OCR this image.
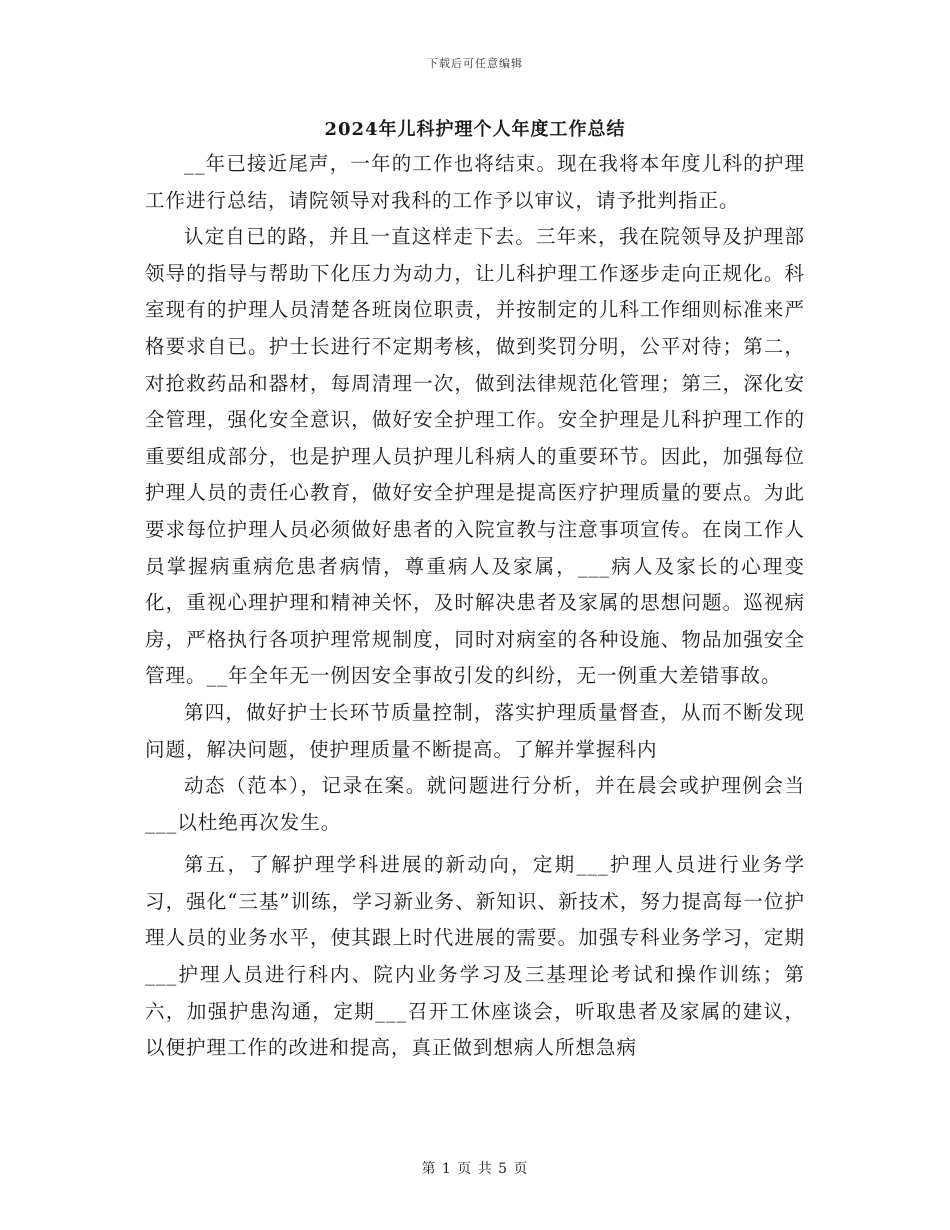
下载后可任意编辑
2024年儿科护理个人年度工作总结

__年已接近尾声，一年的工作也将结束。现在我将本年度儿科的护理工作进行总结，请院领导对我科的工作予以审议，请予批判指正。

认定自已的路，并且一直这样走下去。三年来，我在院领导及护理部领导的指导与帮助下化压力为动力，让儿科护理工作逐步走向正规化。科室现有的护理人员清楚各班岗位职责，并按制定的儿科工作细则标准来严格要求自已。护士长进行不定期考核，做到奖罚分明，公平对待；第二，对抢救药品和器材，每周清理一次，做到法律规范化管理；第三，深化安全管理，强化安全意识，做好安全护理工作。安全护理是儿科护理工作的重要组成部分，也是护理人员护理儿科病人的重要环节。因此，加强每位护理人员的责任心教育，做好安全护理是提高医疗护理质量的要点。为此要求每位护理人员必须做好患者的入院宣教与注意事项宣传。在岗工作人员掌握病重病危患者病情，尊重病人及家属，___病人及家长的心理变化，重视心理护理和精神关怀，及时解决患者及家属的思想问题。巡视病房，严格执行各项护理常规制度，同时对病室的各种设施、物品加强安全管理。__年全年无一例因安全事故引发的纠纷，无一例重大差错事故。

第四，做好护士长环节质量控制，落实护理质量督查，从而不断发现问题，解决问题，使护理质量不断提高。了解并掌握科内

动态（范本），记录在案。就问题进行分析，并在晨会或护理例会当___以杜绝再次发生。

第五，了解护理学科进展的新动向，定期___护理人员进行业务学习，强化“三基”训练，学习新业务、新知识、新技术，努力提高每一位护理人员的业务水平，使其跟上时代进展的需要。加强专科业务学习，定期___护理人员进行科内、院内业务学习及三基理论考试和操作训练；第六，加强护患沟通，定期___召开工休座谈会，听取患者及家属的建议，以便护理工作的改进和提高，真正做到想病人所想急病

第 1 页 共 5 页
